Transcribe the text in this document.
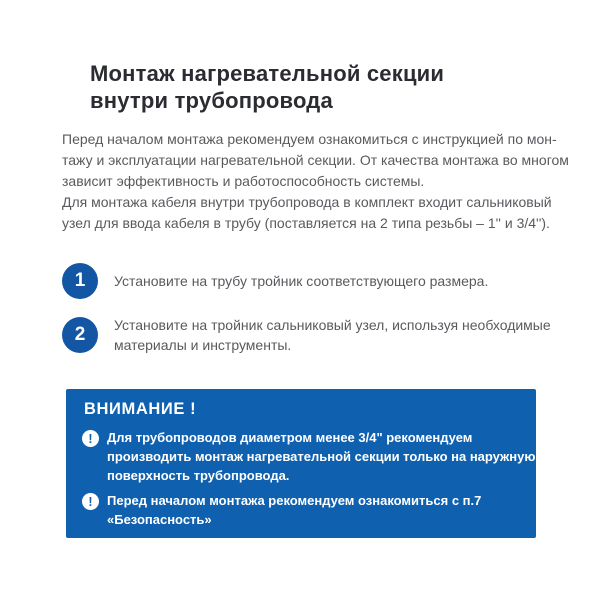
Монтаж нагревательной секции
внутри трубопровода

Перед началом монтажа рекомендуем ознакомиться с инструкцией по мон-
тажу и эксплуатации нагревательной секции. От качества монтажа во многом
зависит эффективность и работоспособность системы.

Для монтажа кабеля внутри трубопровода в комплект входит сальниковый
узел для ввода кабеля в трубу (поставляется на 2 типа резьбы – 1'' и 3/4'').

1	Установите на трубу тройник соответствующего размера.
2	Установите на тройник сальниковый узел, используя необходимые
материалы и инструменты.
ВНИМАНИЕ !
!	Для трубопроводов диаметром менее 3/4" рекомендуем
производить монтаж нагревательной секции только на наружную
поверхность трубопровода.
!	Перед началом монтажа рекомендуем ознакомиться с п.7
«Безопасность»
